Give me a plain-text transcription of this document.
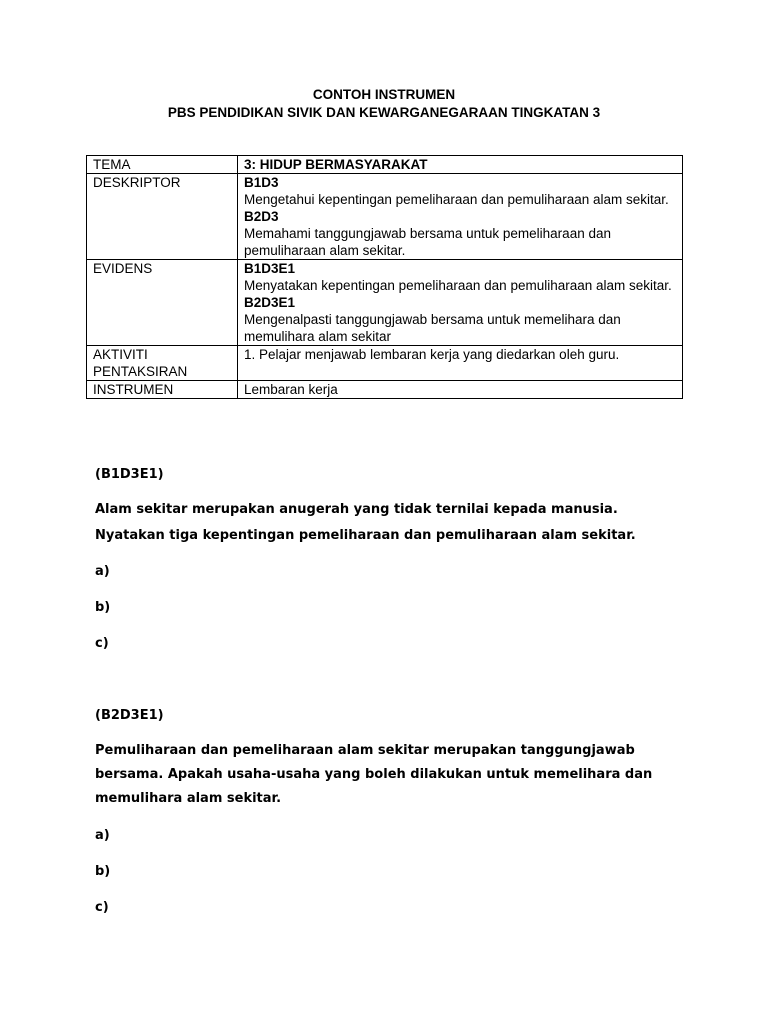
CONTOH INSTRUMEN
PBS PENDIDIKAN SIVIK DAN KEWARGANEGARAAN TINGKATAN 3
TEMA	3: HIDUP BERMASYARAKAT
DESKRIPTOR	B1D3
Mengetahui kepentingan pemeliharaan dan pemuliharaan alam sekitar.
B2D3
Memahami tanggungjawab bersama untuk pemeliharaan dan pemuliharaan alam sekitar.

EVIDENS	B1D3E1
Menyatakan kepentingan pemeliharaan dan pemuliharaan alam sekitar.
B2D3E1
Mengenalpasti tanggungjawab bersama untuk memelihara dan memulihara alam sekitar

AKTIVITI
PENTAKSIRAN	1. Pelajar menjawab lembaran kerja yang diedarkan oleh guru.
INSTRUMEN	Lembaran kerja
(B1D3E1)
Alam sekitar merupakan anugerah yang tidak ternilai kepada manusia.
Nyatakan tiga kepentingan pemeliharaan dan pemuliharaan alam sekitar.
a)
b)
c)
(B2D3E1)
Pemuliharaan dan pemeliharaan alam sekitar merupakan tanggungjawab
bersama. Apakah usaha-usaha yang boleh dilakukan untuk memelihara dan
memulihara alam sekitar.
a)
b)
c)
